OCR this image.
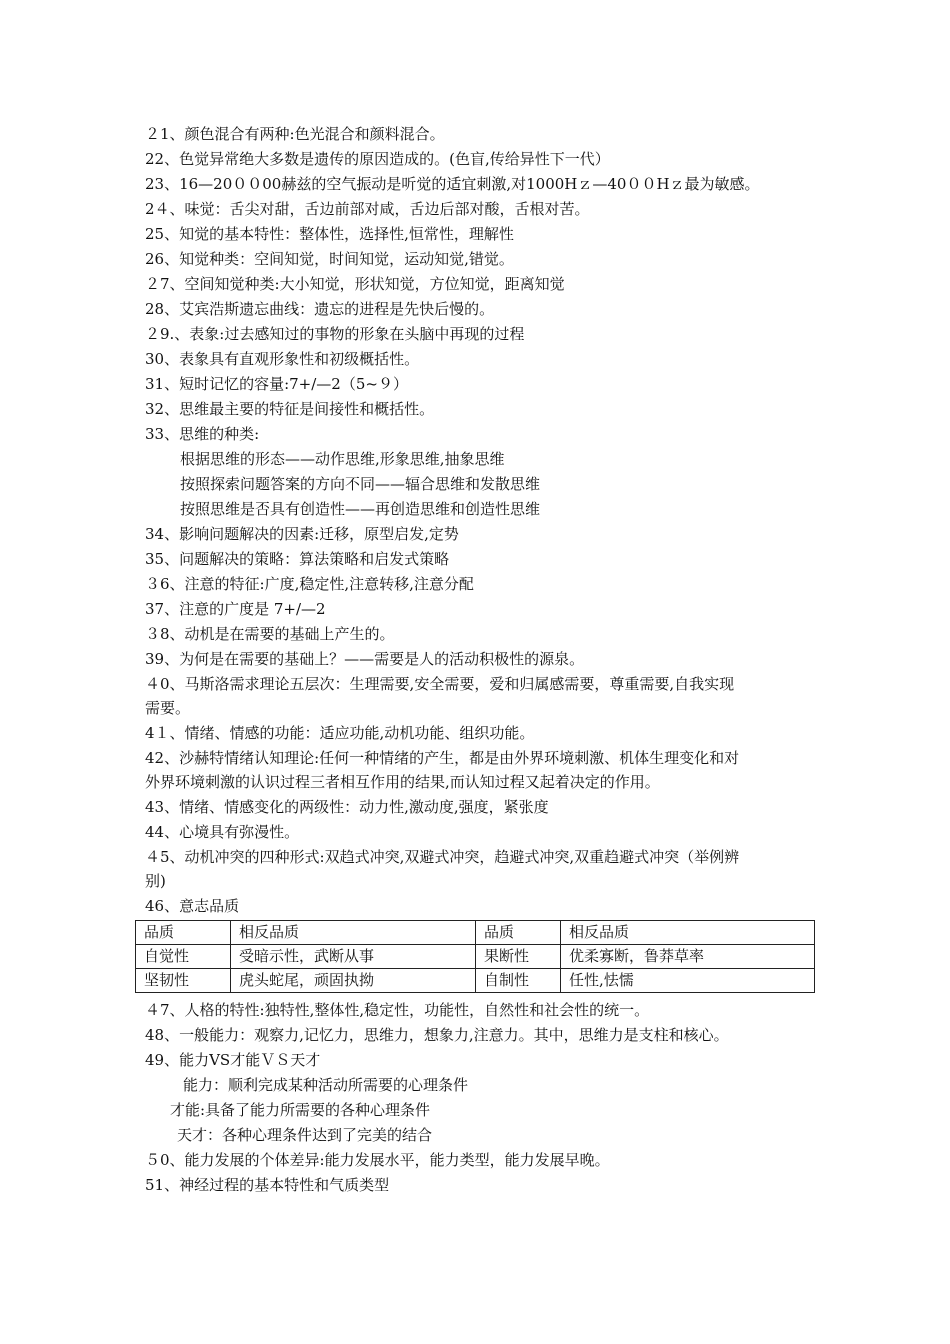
２1、颜色混合有两种:色光混合和颜料混合。
22、色觉异常绝大多数是遗传的原因造成的。(色盲,传给异性下一代）
23、16—20００00赫兹的空气振动是听觉的适宜刺激,对1000Hｚ—40００Hｚ最为敏感。
2４、味觉：舌尖对甜，舌边前部对咸，舌边后部对酸，舌根对苦。
25、知觉的基本特性：整体性，选择性,恒常性，理解性
26、知觉种类：空间知觉，时间知觉，运动知觉,错觉。
２7、空间知觉种类:大小知觉，形状知觉，方位知觉，距离知觉
28、艾宾浩斯遗忘曲线：遗忘的进程是先快后慢的。
２9.、表象:过去感知过的事物的形象在头脑中再现的过程
30、表象具有直观形象性和初级概括性。
31、短时记忆的容量:7+/—2（5~９）
32、思维最主要的特征是间接性和概括性。
33、思维的种类:
根据思维的形态——动作思维,形象思维,抽象思维
按照探索问题答案的方向不同——辐合思维和发散思维
按照思维是否具有创造性——再创造思维和创造性思维
34、影响问题解决的因素:迁移，原型启发,定势
35、问题解决的策略：算法策略和启发式策略
３6、注意的特征:广度,稳定性,注意转移,注意分配
37、注意的广度是 7+/—2
３8、动机是在需要的基础上产生的。
39、为何是在需要的基础上？——需要是人的活动积极性的源泉。
４0、马斯洛需求理论五层次：生理需要,安全需要，爱和归属感需要，尊重需要,自我实现
需要。
4１、情绪、情感的功能：适应功能,动机功能、组织功能。
42、沙赫特情绪认知理论:任何一种情绪的产生，都是由外界环境刺激、机体生理变化和对
外界环境刺激的认识过程三者相互作用的结果,而认知过程又起着决定的作用。
43、情绪、情感变化的两级性：动力性,激动度,强度，紧张度
44、心境具有弥漫性。
４5、动机冲突的四种形式:双趋式冲突,双避式冲突，趋避式冲突,双重趋避式冲突（举例辨
别)
46、意志品质
品质	相反品质	品质	相反品质
自觉性	受暗示性，武断从事	果断性	优柔寡断，鲁莽草率
坚韧性	虎头蛇尾，顽固执拗	自制性	任性,怯懦
４7、人格的特性:独特性,整体性,稳定性，功能性，自然性和社会性的统一。
48、一般能力：观察力,记忆力，思维力，想象力,注意力。其中，思维力是支柱和核心。
49、能力VS才能ＶＳ天才
能力：顺利完成某种活动所需要的心理条件
才能:具备了能力所需要的各种心理条件
天才：各种心理条件达到了完美的结合
５0、能力发展的个体差异:能力发展水平，能力类型，能力发展早晚。
51、神经过程的基本特性和气质类型
